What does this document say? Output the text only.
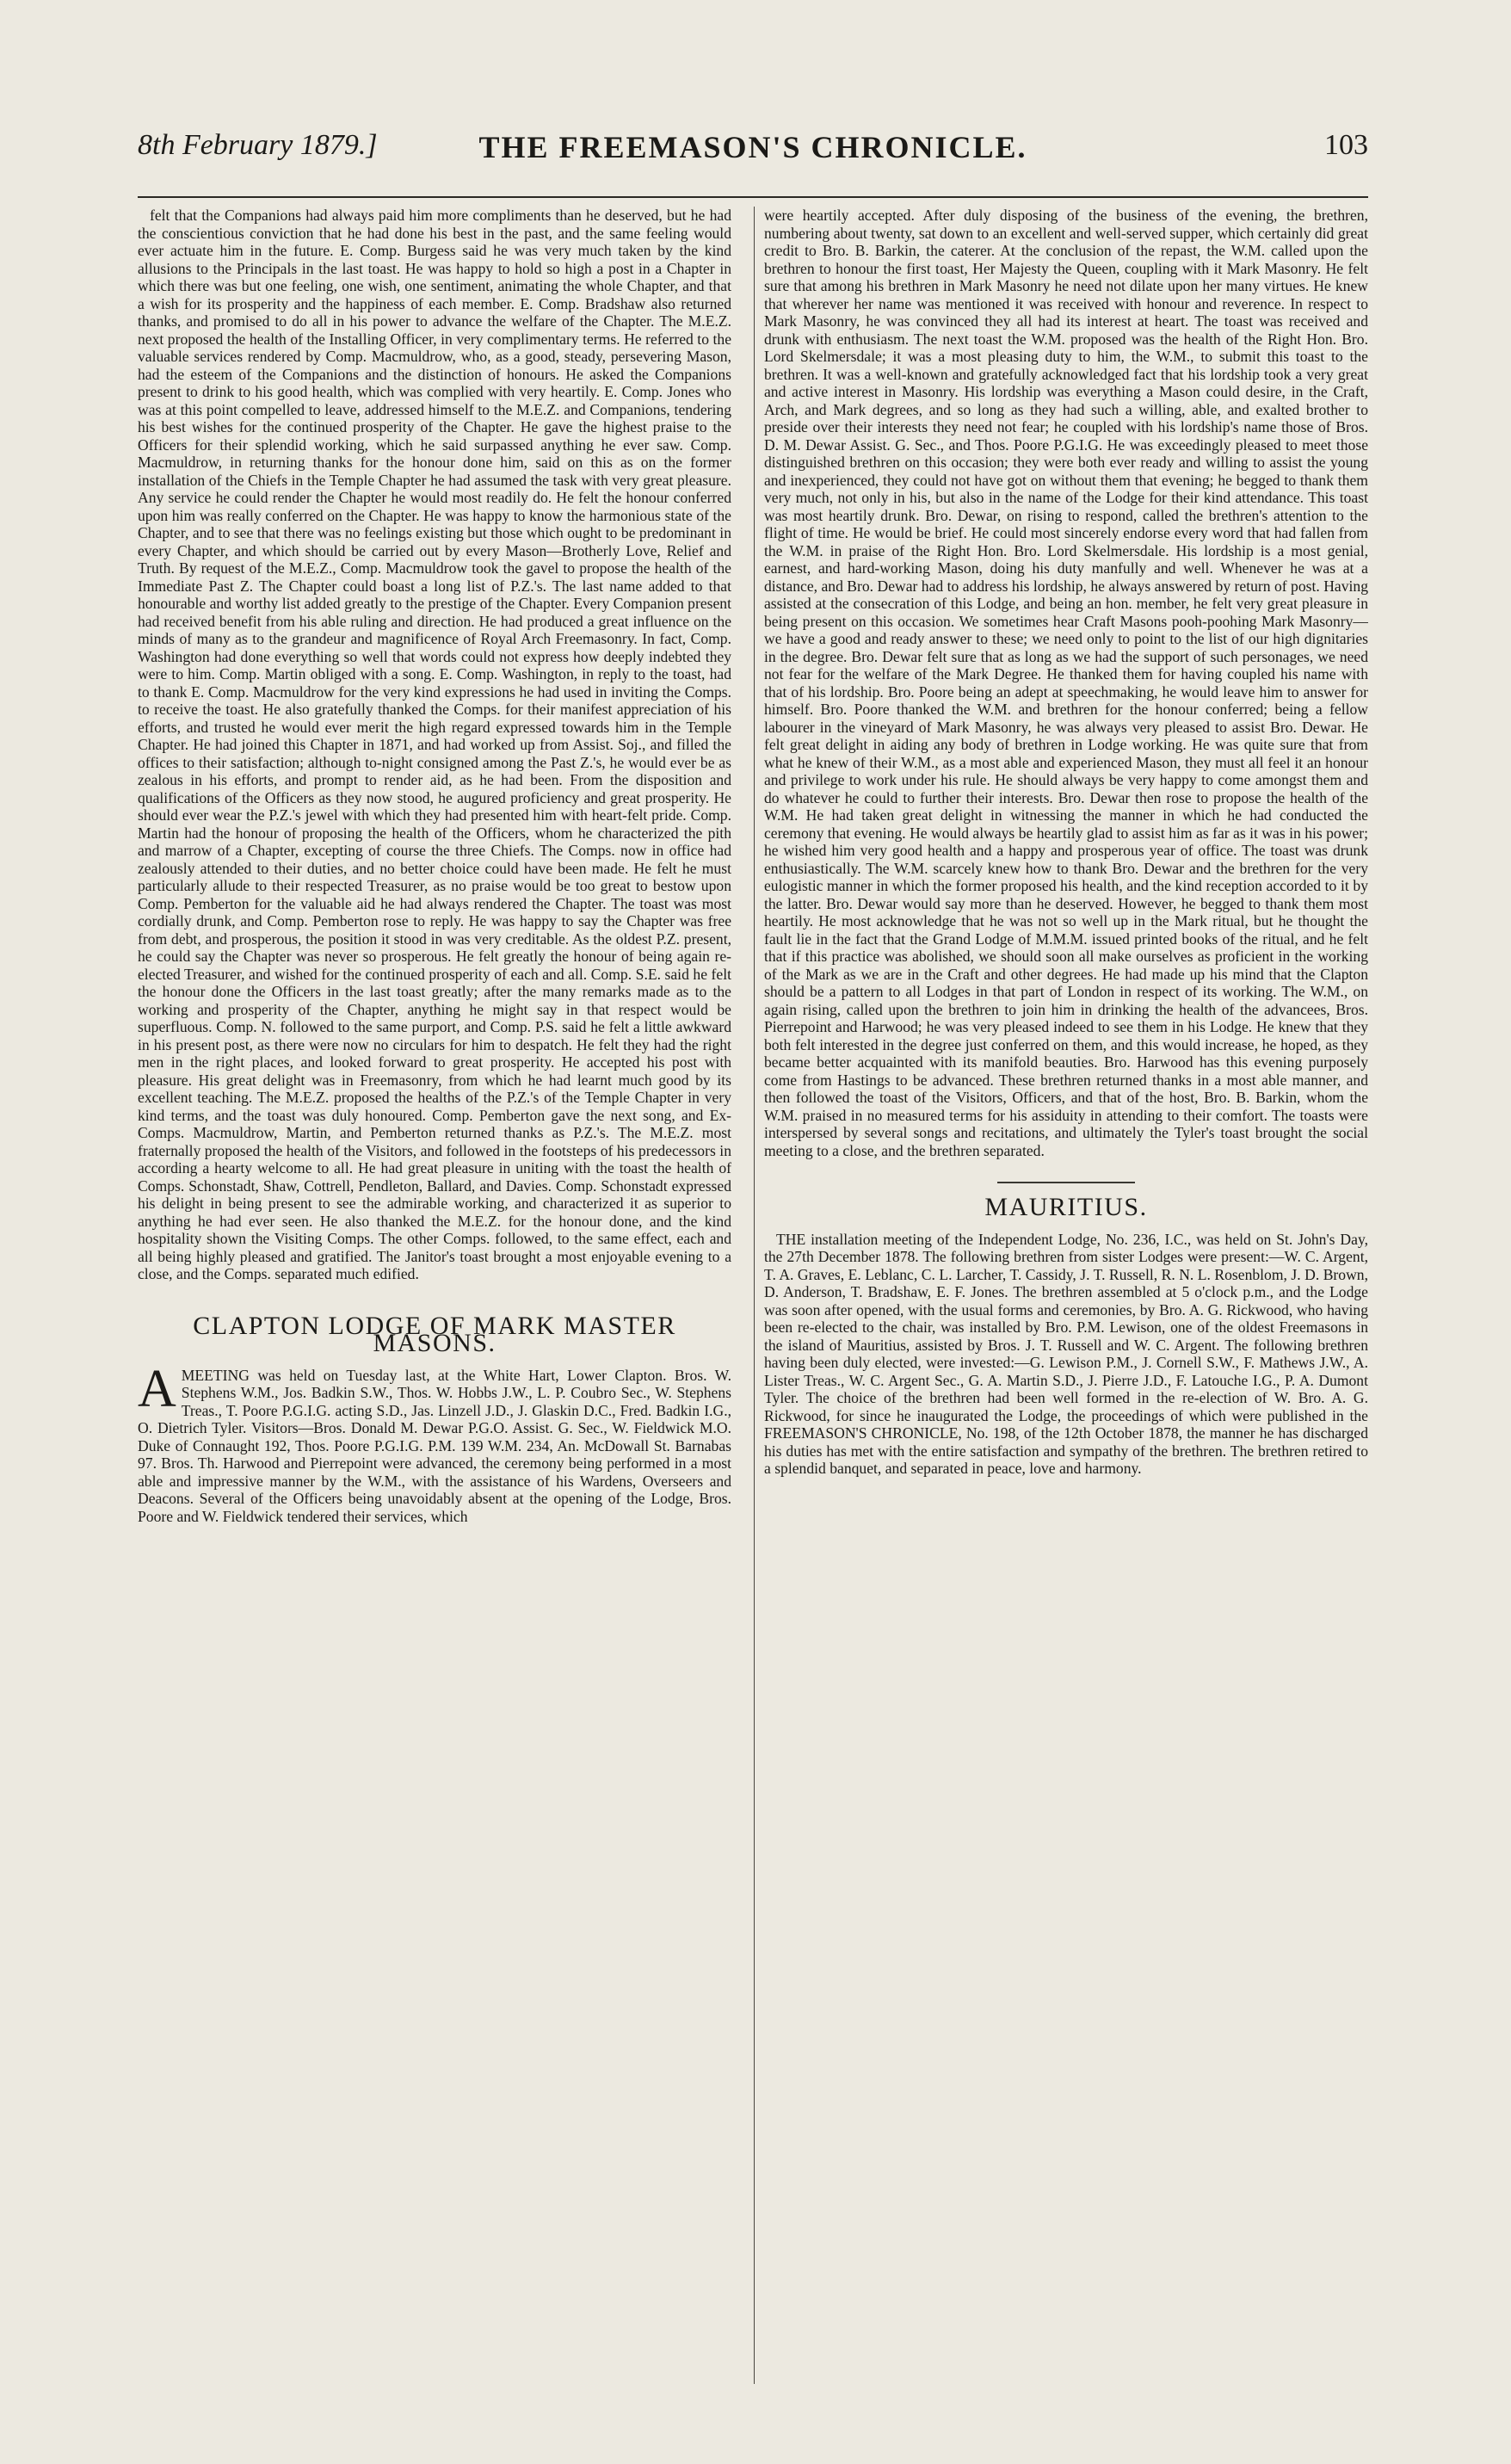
8th February 1879.]	THE FREEMASON'S CHRONICLE.	103

felt that the Companions had always paid him more compliments than he deserved, but he had the conscientious conviction that he had done his best in the past, and the same feeling would ever actuate him in the future. E. Comp. Burgess said he was very much taken by the kind allusions to the Principals in the last toast. He was happy to hold so high a post in a Chapter in which there was but one feeling, one wish, one sentiment, animating the whole Chapter, and that a wish for its prosperity and the happiness of each member. E. Comp. Bradshaw also returned thanks, and promised to do all in his power to advance the welfare of the Chapter. The M.E.Z. next proposed the health of the Installing Officer, in very complimentary terms. He referred to the valuable services rendered by Comp. Macmuldrow, who, as a good, steady, persevering Mason, had the esteem of the Companions and the distinction of honours. He asked the Companions present to drink to his good health, which was complied with very heartily. E. Comp. Jones who was at this point compelled to leave, addressed himself to the M.E.Z. and Companions, tendering his best wishes for the continued prosperity of the Chapter. He gave the highest praise to the Officers for their splendid working, which he said surpassed anything he ever saw. Comp. Macmuldrow, in returning thanks for the honour done him, said on this as on the former installation of the Chiefs in the Temple Chapter he had assumed the task with very great pleasure. Any service he could render the Chapter he would most readily do. He felt the honour conferred upon him was really conferred on the Chapter. He was happy to know the harmonious state of the Chapter, and to see that there was no feelings existing but those which ought to be predominant in every Chapter, and which should be carried out by every Mason—Brotherly Love, Relief and Truth. By request of the M.E.Z., Comp. Macmuldrow took the gavel to propose the health of the Immediate Past Z. The Chapter could boast a long list of P.Z.'s. The last name added to that honourable and worthy list added greatly to the prestige of the Chapter. Every Companion present had received benefit from his able ruling and direction. He had produced a great influence on the minds of many as to the grandeur and magnificence of Royal Arch Freemasonry. In fact, Comp. Washington had done everything so well that words could not express how deeply indebted they were to him. Comp. Martin obliged with a song. E. Comp. Washington, in reply to the toast, had to thank E. Comp. Macmuldrow for the very kind expressions he had used in inviting the Comps. to receive the toast. He also gratefully thanked the Comps. for their manifest appreciation of his efforts, and trusted he would ever merit the high regard expressed towards him in the Temple Chapter. He had joined this Chapter in 1871, and had worked up from Assist. Soj., and filled the offices to their satisfaction; although to-night consigned among the Past Z.'s, he would ever be as zealous in his efforts, and prompt to render aid, as he had been. From the disposition and qualifications of the Officers as they now stood, he augured proficiency and great prosperity. He should ever wear the P.Z.'s jewel with which they had presented him with heart-felt pride. Comp. Martin had the honour of proposing the health of the Officers, whom he characterized the pith and marrow of a Chapter, excepting of course the three Chiefs. The Comps. now in office had zealously attended to their duties, and no better choice could have been made. He felt he must particularly allude to their respected Treasurer, as no praise would be too great to bestow upon Comp. Pemberton for the valuable aid he had always rendered the Chapter. The toast was most cordially drunk, and Comp. Pemberton rose to reply. He was happy to say the Chapter was free from debt, and prosperous, the position it stood in was very creditable. As the oldest P.Z. present, he could say the Chapter was never so prosperous. He felt greatly the honour of being again re-elected Treasurer, and wished for the continued prosperity of each and all. Comp. S.E. said he felt the honour done the Officers in the last toast greatly; after the many remarks made as to the working and prosperity of the Chapter, anything he might say in that respect would be superfluous. Comp. N. followed to the same purport, and Comp. P.S. said he felt a little awkward in his present post, as there were now no circulars for him to despatch. He felt they had the right men in the right places, and looked forward to great prosperity. He accepted his post with pleasure. His great delight was in Freemasonry, from which he had learnt much good by its excellent teaching. The M.E.Z. proposed the healths of the P.Z.'s of the Temple Chapter in very kind terms, and the toast was duly honoured. Comp. Pemberton gave the next song, and Ex-Comps. Macmuldrow, Martin, and Pemberton returned thanks as P.Z.'s. The M.E.Z. most fraternally proposed the health of the Visitors, and followed in the footsteps of his predecessors in according a hearty welcome to all. He had great pleasure in uniting with the toast the health of Comps. Schonstadt, Shaw, Cottrell, Pendleton, Ballard, and Davies. Comp. Schonstadt expressed his delight in being present to see the admirable working, and characterized it as superior to anything he had ever seen. He also thanked the M.E.Z. for the honour done, and the kind hospitality shown the Visiting Comps. The other Comps. followed, to the same effect, each and all being highly pleased and gratified. The Janitor's toast brought a most enjoyable evening to a close, and the Comps. separated much edified.

CLAPTON LODGE OF MARK MASTER MASONS.

AMEETING was held on Tuesday last, at the White Hart, Lower Clapton. Bros. W. Stephens W.M., Jos. Badkin S.W., Thos. W. Hobbs J.W., L. P. Coubro Sec., W. Stephens Treas., T. Poore P.G.I.G. acting S.D., Jas. Linzell J.D., J. Glaskin D.C., Fred. Badkin I.G., O. Dietrich Tyler. Visitors—Bros. Donald M. Dewar P.G.O. Assist. G. Sec., W. Fieldwick M.O. Duke of Connaught 192, Thos. Poore P.G.I.G. P.M. 139 W.M. 234, An. McDowall St. Barnabas 97. Bros. Th. Harwood and Pierrepoint were advanced, the ceremony being performed in a most able and impressive manner by the W.M., with the assistance of his Wardens, Overseers and Deacons. Several of the Officers being unavoidably absent at the opening of the Lodge, Bros. Poore and W. Fieldwick tendered their services, which

were heartily accepted. After duly disposing of the business of the evening, the brethren, numbering about twenty, sat down to an excellent and well-served supper, which certainly did great credit to Bro. B. Barkin, the caterer. At the conclusion of the repast, the W.M. called upon the brethren to honour the first toast, Her Majesty the Queen, coupling with it Mark Masonry. He felt sure that among his brethren in Mark Masonry he need not dilate upon her many virtues. He knew that wherever her name was mentioned it was received with honour and reverence. In respect to Mark Masonry, he was convinced they all had its interest at heart. The toast was received and drunk with enthusiasm. The next toast the W.M. proposed was the health of the Right Hon. Bro. Lord Skelmersdale; it was a most pleasing duty to him, the W.M., to submit this toast to the brethren. It was a well-known and gratefully acknowledged fact that his lordship took a very great and active interest in Masonry. His lordship was everything a Mason could desire, in the Craft, Arch, and Mark degrees, and so long as they had such a willing, able, and exalted brother to preside over their interests they need not fear; he coupled with his lordship's name those of Bros. D. M. Dewar Assist. G. Sec., and Thos. Poore P.G.I.G. He was exceedingly pleased to meet those distinguished brethren on this occasion; they were both ever ready and willing to assist the young and inexperienced, they could not have got on without them that evening; he begged to thank them very much, not only in his, but also in the name of the Lodge for their kind attendance. This toast was most heartily drunk. Bro. Dewar, on rising to respond, called the brethren's attention to the flight of time. He would be brief. He could most sincerely endorse every word that had fallen from the W.M. in praise of the Right Hon. Bro. Lord Skelmersdale. His lordship is a most genial, earnest, and hard-working Mason, doing his duty manfully and well. Whenever he was at a distance, and Bro. Dewar had to address his lordship, he always answered by return of post. Having assisted at the consecration of this Lodge, and being an hon. member, he felt very great pleasure in being present on this occasion. We sometimes hear Craft Masons pooh-poohing Mark Masonry—we have a good and ready answer to these; we need only to point to the list of our high dignitaries in the degree. Bro. Dewar felt sure that as long as we had the support of such personages, we need not fear for the welfare of the Mark Degree. He thanked them for having coupled his name with that of his lordship. Bro. Poore being an adept at speechmaking, he would leave him to answer for himself. Bro. Poore thanked the W.M. and brethren for the honour conferred; being a fellow labourer in the vineyard of Mark Masonry, he was always very pleased to assist Bro. Dewar. He felt great delight in aiding any body of brethren in Lodge working. He was quite sure that from what he knew of their W.M., as a most able and experienced Mason, they must all feel it an honour and privilege to work under his rule. He should always be very happy to come amongst them and do whatever he could to further their interests. Bro. Dewar then rose to propose the health of the W.M. He had taken great delight in witnessing the manner in which he had conducted the ceremony that evening. He would always be heartily glad to assist him as far as it was in his power; he wished him very good health and a happy and prosperous year of office. The toast was drunk enthusiastically. The W.M. scarcely knew how to thank Bro. Dewar and the brethren for the very eulogistic manner in which the former proposed his health, and the kind reception accorded to it by the latter. Bro. Dewar would say more than he deserved. However, he begged to thank them most heartily. He most acknowledge that he was not so well up in the Mark ritual, but he thought the fault lie in the fact that the Grand Lodge of M.M.M. issued printed books of the ritual, and he felt that if this practice was abolished, we should soon all make ourselves as proficient in the working of the Mark as we are in the Craft and other degrees. He had made up his mind that the Clapton should be a pattern to all Lodges in that part of London in respect of its working. The W.M., on again rising, called upon the brethren to join him in drinking the health of the advancees, Bros. Pierrepoint and Harwood; he was very pleased indeed to see them in his Lodge. He knew that they both felt interested in the degree just conferred on them, and this would increase, he hoped, as they became better acquainted with its manifold beauties. Bro. Harwood has this evening purposely come from Hastings to be advanced. These brethren returned thanks in a most able manner, and then followed the toast of the Visitors, Officers, and that of the host, Bro. B. Barkin, whom the W.M. praised in no measured terms for his assiduity in attending to their comfort. The toasts were interspersed by several songs and recitations, and ultimately the Tyler's toast brought the social meeting to a close, and the brethren separated.

MAURITIUS.

THE installation meeting of the Independent Lodge, No. 236, I.C., was held on St. John's Day, the 27th December 1878. The following brethren from sister Lodges were present:—W. C. Argent, T. A. Graves, E. Leblanc, C. L. Larcher, T. Cassidy, J. T. Russell, R. N. L. Rosenblom, J. D. Brown, D. Anderson, T. Bradshaw, E. F. Jones. The brethren assembled at 5 o'clock p.m., and the Lodge was soon after opened, with the usual forms and ceremonies, by Bro. A. G. Rickwood, who having been re-elected to the chair, was installed by Bro. P.M. Lewison, one of the oldest Freemasons in the island of Mauritius, assisted by Bros. J. T. Russell and W. C. Argent. The following brethren having been duly elected, were invested:—G. Lewison P.M., J. Cornell S.W., F. Mathews J.W., A. Lister Treas., W. C. Argent Sec., G. A. Martin S.D., J. Pierre J.D., F. Latouche I.G., P. A. Dumont Tyler. The choice of the brethren had been well formed in the re-election of W. Bro. A. G. Rickwood, for since he inaugurated the Lodge, the proceedings of which were published in the FREEMASON'S CHRONICLE, No. 198, of the 12th October 1878, the manner he has discharged his duties has met with the entire satisfaction and sympathy of the brethren. The brethren retired to a splendid banquet, and separated in peace, love and harmony.
